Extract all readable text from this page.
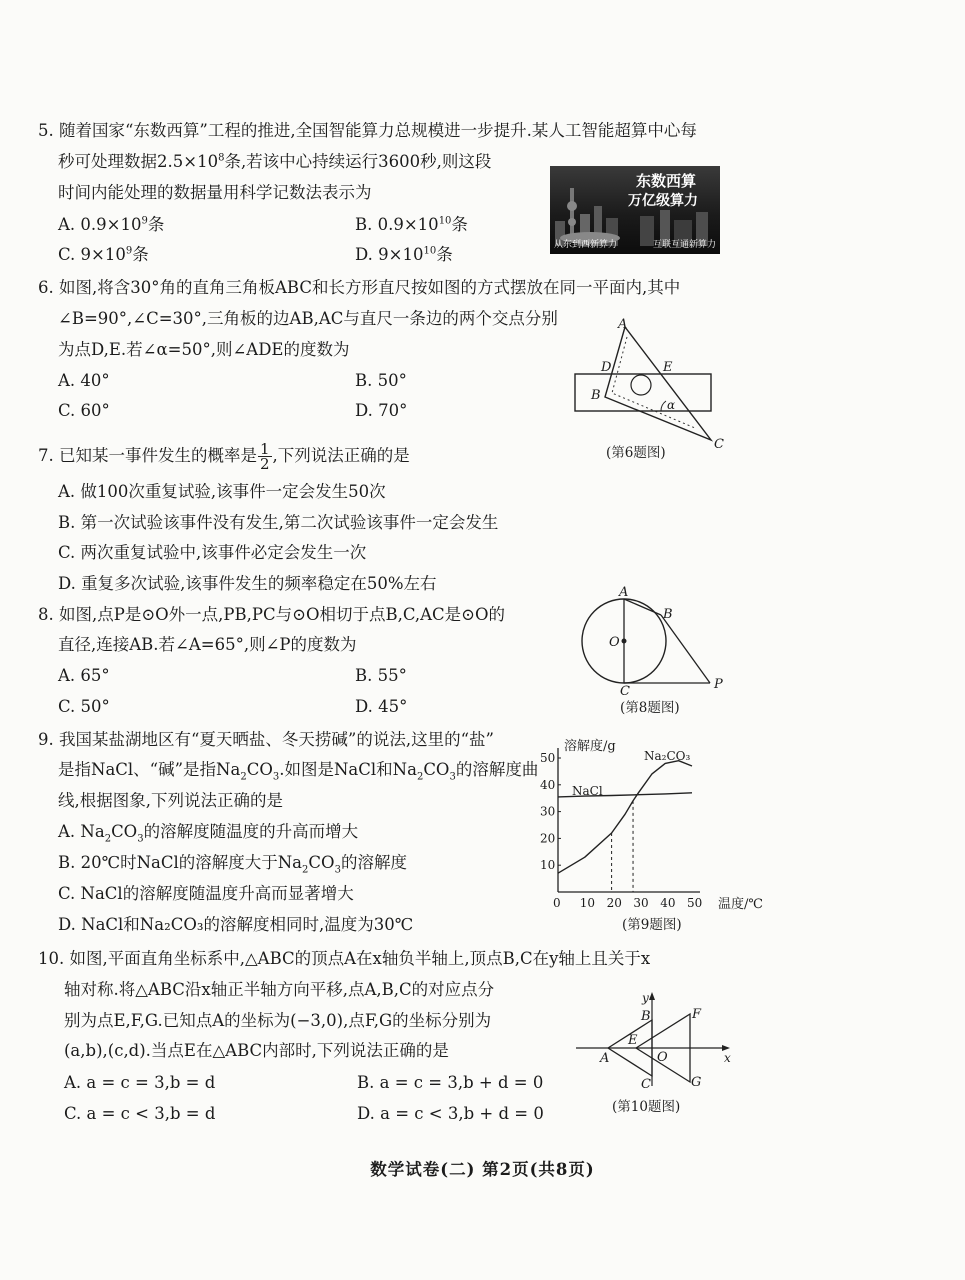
5. 随着国家“东数西算”工程的推进,全国智能算力总规模进一步提升.某人工智能超算中心每
秒可处理数据$2.5\times 10^8$条,若该中心持续运行3600秒,则这段
时间内能处理的数据量用科学记数法表示为
A. $0.9\times 10^9$条	B. $0.9\times 10^{10}$条
C. $9\times 10^9$条	D. $9\times 10^{10}$条
东数西算
万亿级算力
从东到西新算力	互联互通新算力
6. 如图,将含30°角的直角三角板ABC和长方形直尺按如图的方式摆放在同一平面内,其中
∠B=90°,∠C=30°,三角板的边AB,AC与直尺一条边的两个交点分别
为点D,E.若∠α=50°,则∠ADE的度数为
A. 40°	B. 50°
C. 60°	D. 70°
A
B
C
D	E
α
(第6题图)
7. 已知某一事件发生的概率是 $\frac{1}{2}$ ,下列说法正确的是
A. 做100次重复试验,该事件一定会发生50次
B. 第一次试验该事件没有发生,第二次试验该事件一定会发生
C. 两次重复试验中,该事件必定会发生一次
D. 重复多次试验,该事件发生的频率稳定在50%左右
8. 如图,点P是⊙O外一点,PB,PC与⊙O相切于点B,C,AC是⊙O的
直径,连接AB.若∠A=65°,则∠P的度数为
A. 65°	B. 55°
C. 50°	D. 45°
A
B
C
O
P
(第8题图)
9. 我国某盐湖地区有“夏天晒盐、冬天捞碱”的说法,这里的“盐”
是指NaCl、“碱”是指$Na_2CO_3$.如图是NaCl和$Na_2CO_3$的溶解度曲
线,根据图象,下列说法正确的是
A. $Na_2CO_3$的溶解度随温度的升高而增大
B. 20℃时NaCl的溶解度大于$Na_2CO_3$的溶解度
C. NaCl的溶解度随温度升高而显著增大
D. NaCl和Na₂CO₃的溶解度相同时,温度为30℃
溶解度/g
温度/℃
Na₂CO₃
NaCl
0 10 20 30 40 50
10
20
30
40
50
(第9题图)
10. 如图,平面直角坐标系中,△ABC的顶点A在x轴负半轴上,顶点B,C在y轴上且关于x
轴对称.将△ABC沿x轴正半轴方向平移,点A,B,C的对应点分
别为点E,F,G.已知点A的坐标为(−3,0),点F,G的坐标分别为
(a,b),(c,d).当点E在△ABC内部时,下列说法正确的是
A. a = c = 3,b = d	B. a = c = 3,b + d = 0
C. a = c < 3,b = d	D. a = c < 3,b + d = 0
A
B
C
E
F
G
O	x
y
(第10题图)
数学试卷(二) 第2页(共8页)
